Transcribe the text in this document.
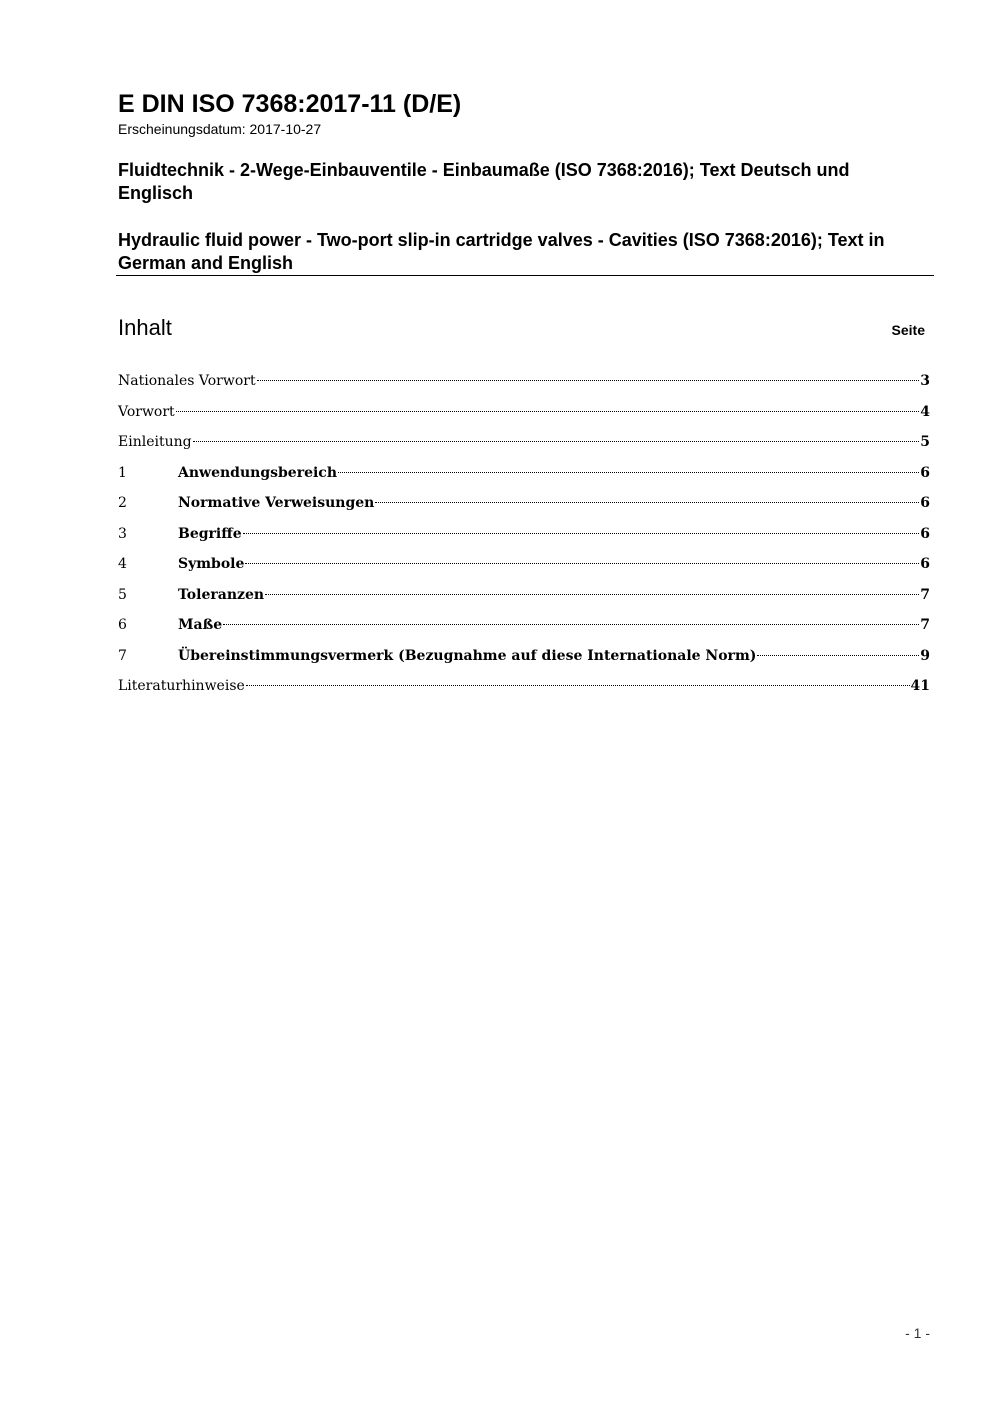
E DIN ISO 7368:2017-11 (D/E)
Erscheinungsdatum: 2017-10-27
Fluidtechnik - 2-Wege-Einbauventile - Einbaumaße (ISO 7368:2016); Text Deutsch und Englisch
Hydraulic fluid power - Two-port slip-in cartridge valves - Cavities (ISO 7368:2016); Text in German and English
Inhalt	Seite
Nationales Vorwort	3
Vorwort	4
Einleitung	5
1	Anwendungsbereich	6
2	Normative Verweisungen	6
3	Begriffe	6
4	Symbole	6
5	Toleranzen	7
6	Maße	7
7	Übereinstimmungsvermerk (Bezugnahme auf diese Internationale Norm)	9
Literaturhinweise	41
- 1 -
